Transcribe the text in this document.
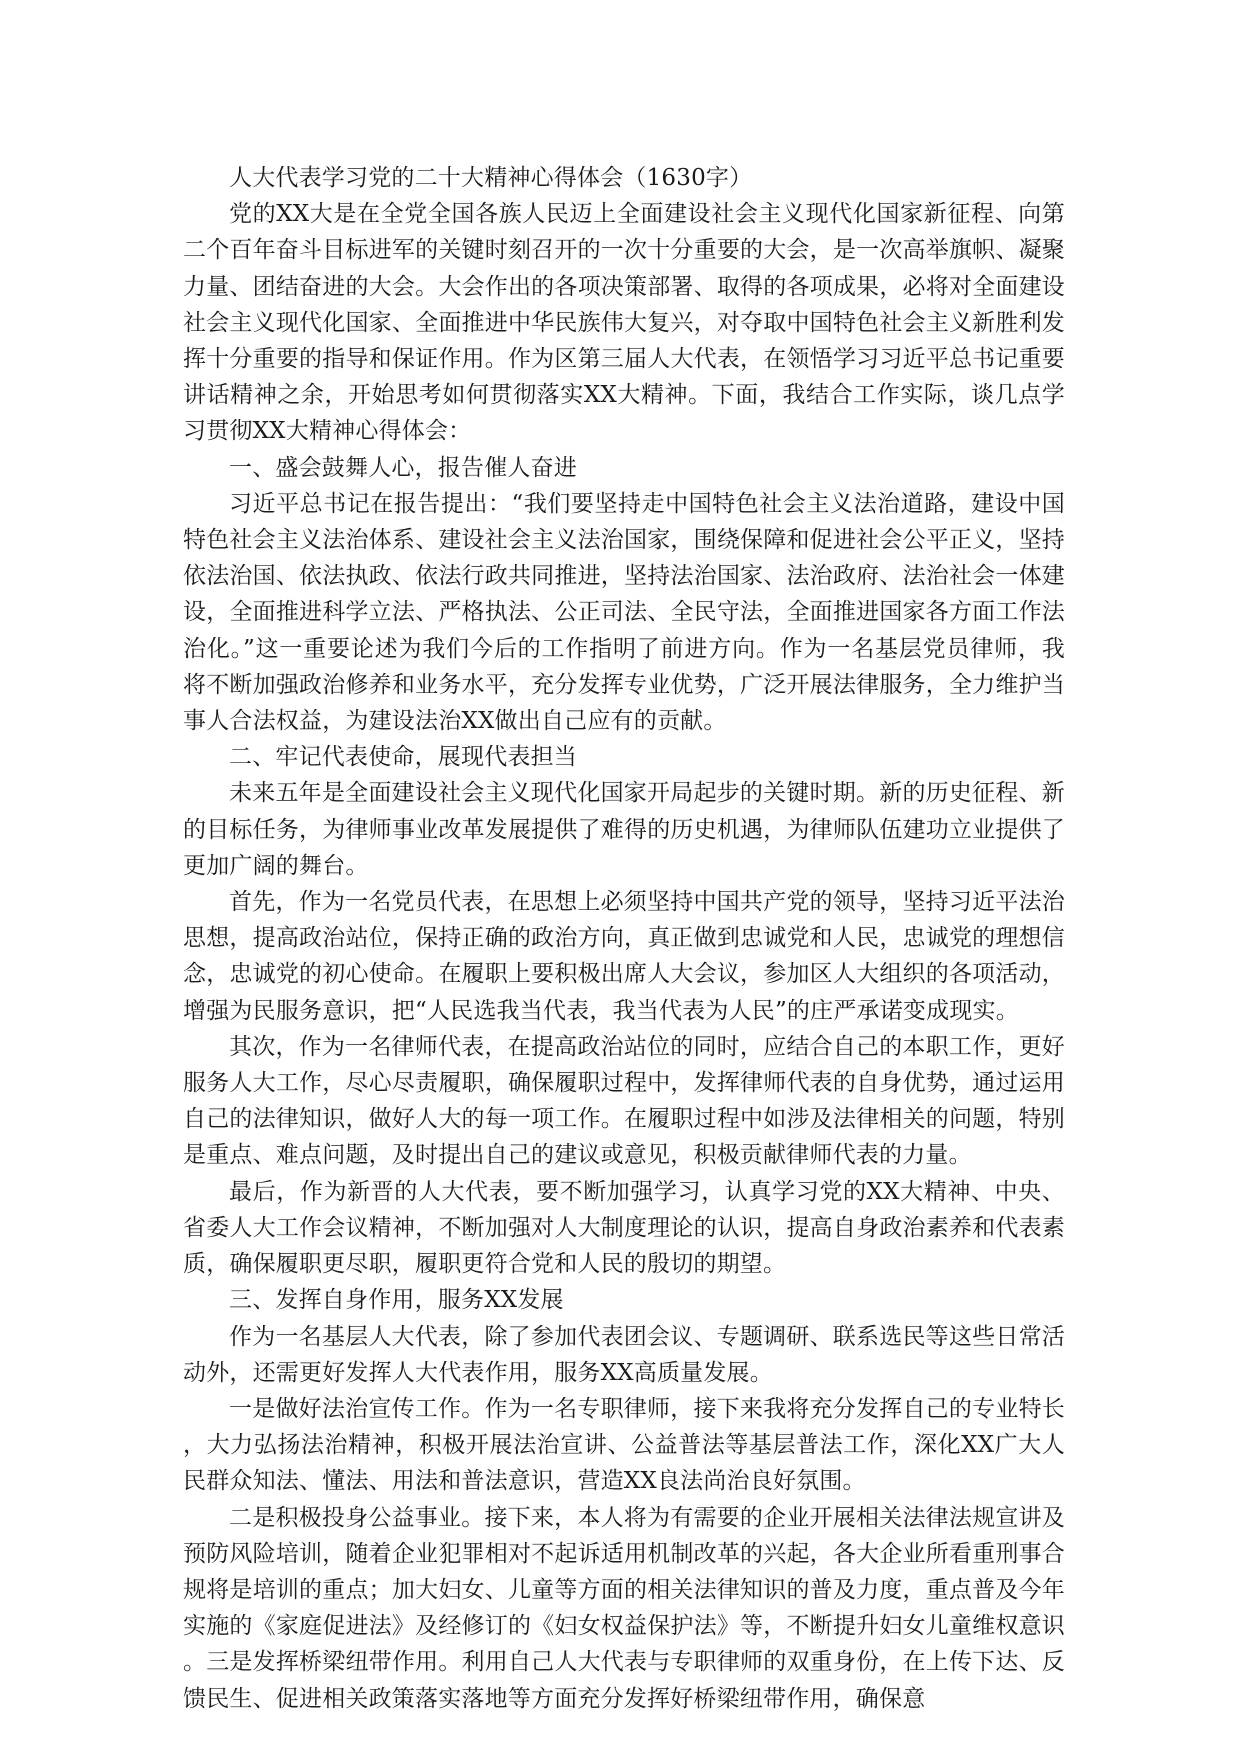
人大代表学习党的二十大精神心得体会（1630字）

党的XX大是在全党全国各族人民迈上全面建设社会主义现代化国家新征程、向第二个百年奋斗目标进军的关键时刻召开的一次十分重要的大会，是一次高举旗帜、凝聚力量、团结奋进的大会。大会作出的各项决策部署、取得的各项成果，必将对全面建设社会主义现代化国家、全面推进中华民族伟大复兴，对夺取中国特色社会主义新胜利发挥十分重要的指导和保证作用。作为区第三届人大代表，在领悟学习习近平总书记重要讲话精神之余，开始思考如何贯彻落实XX大精神。下面，我结合工作实际，谈几点学习贯彻XX大精神心得体会：

一、盛会鼓舞人心，报告催人奋进

习近平总书记在报告提出：“我们要坚持走中国特色社会主义法治道路，建设中国特色社会主义法治体系、建设社会主义法治国家，围绕保障和促进社会公平正义，坚持依法治国、依法执政、依法行政共同推进，坚持法治国家、法治政府、法治社会一体建设，全面推进科学立法、严格执法、公正司法、全民守法，全面推进国家各方面工作法治化。”这一重要论述为我们今后的工作指明了前进方向。作为一名基层党员律师，我将不断加强政治修养和业务水平，充分发挥专业优势，广泛开展法律服务，全力维护当事人合法权益，为建设法治XX做出自己应有的贡献。

二、牢记代表使命，展现代表担当

未来五年是全面建设社会主义现代化国家开局起步的关键时期。新的历史征程、新的目标任务，为律师事业改革发展提供了难得的历史机遇，为律师队伍建功立业提供了更加广阔的舞台。

首先，作为一名党员代表，在思想上必须坚持中国共产党的领导，坚持习近平法治思想，提高政治站位，保持正确的政治方向，真正做到忠诚党和人民，忠诚党的理想信念，忠诚党的初心使命。在履职上要积极出席人大会议，参加区人大组织的各项活动，增强为民服务意识，把“人民选我当代表，我当代表为人民”的庄严承诺变成现实。

其次，作为一名律师代表，在提高政治站位的同时，应结合自己的本职工作，更好服务人大工作，尽心尽责履职，确保履职过程中，发挥律师代表的自身优势，通过运用自己的法律知识，做好人大的每一项工作。在履职过程中如涉及法律相关的问题，特别是重点、难点问题，及时提出自己的建议或意见，积极贡献律师代表的力量。

最后，作为新晋的人大代表，要不断加强学习，认真学习党的XX大精神、中央、省委人大工作会议精神，不断加强对人大制度理论的认识，提高自身政治素养和代表素质，确保履职更尽职，履职更符合党和人民的殷切的期望。

三、发挥自身作用，服务XX发展

作为一名基层人大代表，除了参加代表团会议、专题调研、联系选民等这些日常活动外，还需更好发挥人大代表作用，服务XX高质量发展。

一是做好法治宣传工作。作为一名专职律师，接下来我将充分发挥自己的专业特长，大力弘扬法治精神，积极开展法治宣讲、公益普法等基层普法工作，深化XX广大人民群众知法、懂法、用法和普法意识，营造XX良法尚治良好氛围。

二是积极投身公益事业。接下来，本人将为有需要的企业开展相关法律法规宣讲及预防风险培训，随着企业犯罪相对不起诉适用机制改革的兴起，各大企业所看重刑事合规将是培训的重点；加大妇女、儿童等方面的相关法律知识的普及力度，重点普及今年实施的《家庭促进法》及经修订的《妇女权益保护法》等，不断提升妇女儿童维权意识。三是发挥桥梁纽带作用。利用自己人大代表与专职律师的双重身份，在上传下达、反馈民生、促进相关政策落实落地等方面充分发挥好桥梁纽带作用，确保意
